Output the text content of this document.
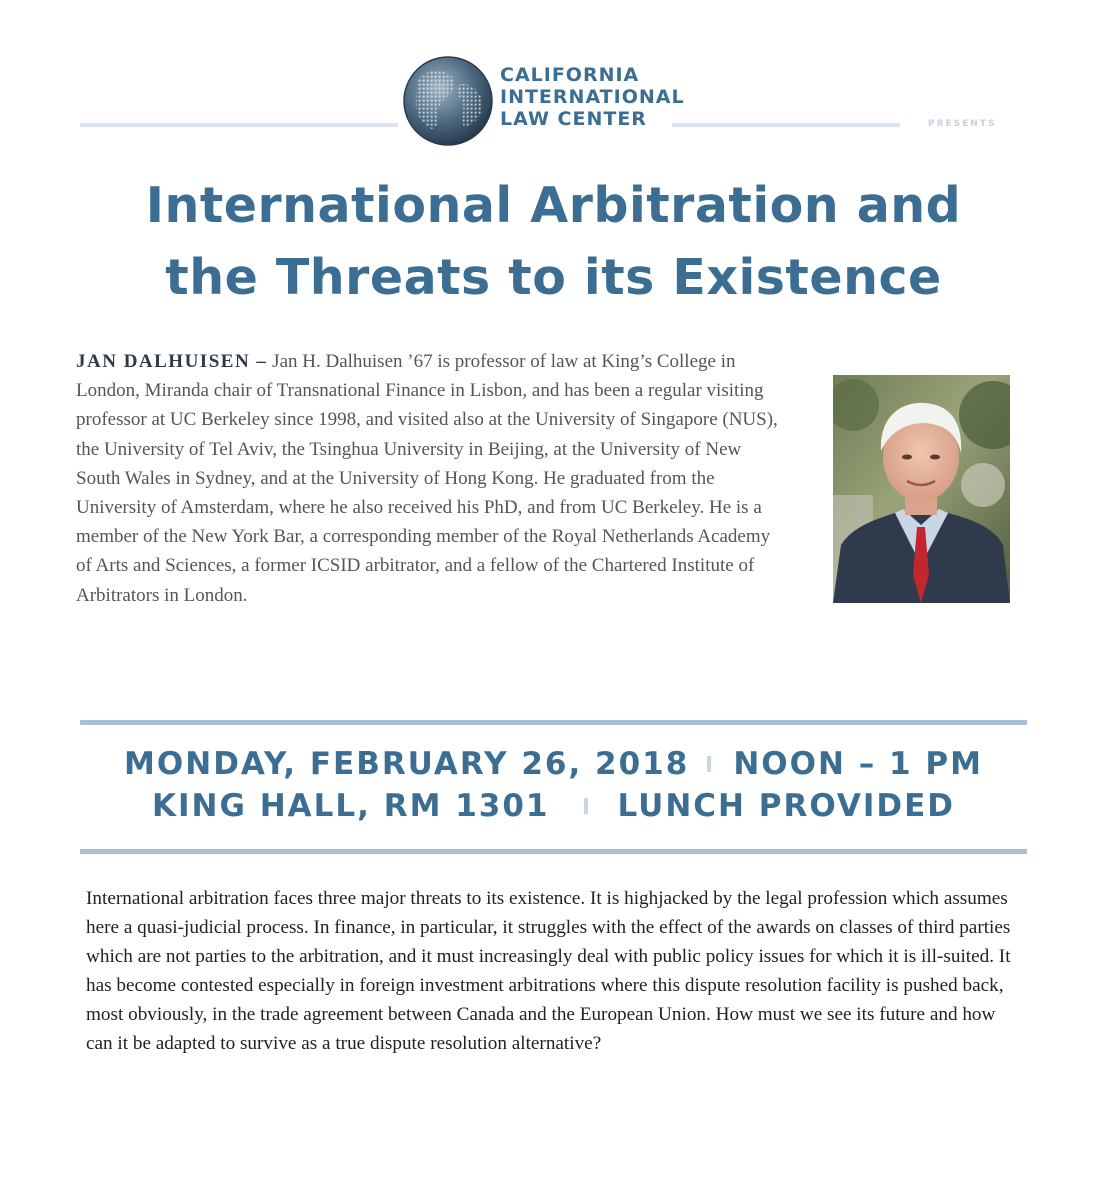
CALIFORNIA
INTERNATIONAL
LAW CENTER	PRESENTS
International Arbitration and
the Threats to its Existence
JAN DALHUISEN – Jan H. Dalhuisen ’67 is professor of law at King’s College in London, Miranda chair of Transnational Finance in Lisbon, and has been a regular visiting professor at UC Berkeley since 1998, and visited also at the University of Singapore (NUS), the University of Tel Aviv, the Tsinghua University in Beijing, at the University of New South Wales in Sydney, and at the University of Hong Kong. He graduated from the University of Amsterdam, where he also received his PhD, and from UC Berkeley. He is a member of the New York Bar, a corresponding member of the Royal Netherlands Academy of Arts and Sciences, a former ICSID arbitrator, and a fellow of the Chartered Institute of Arbitrators in London.
MONDAY, FEBRUARY 26, 2018 NOON – 1 PM
KING HALL, RM 1301 LUNCH PROVIDED
International arbitration faces three major threats to its existence. It is highjacked by the legal profession which assumes here a quasi-judicial process. In finance, in particular, it struggles with the effect of the awards on classes of third parties which are not parties to the arbitration, and it must increasingly deal with public policy issues for which it is ill-suited. It has become contested especially in foreign investment arbitrations where this dispute resolution facility is pushed back, most obviously, in the trade agreement between Canada and the European Union. How must we see its future and how can it be adapted to survive as a true dispute resolution alternative?
